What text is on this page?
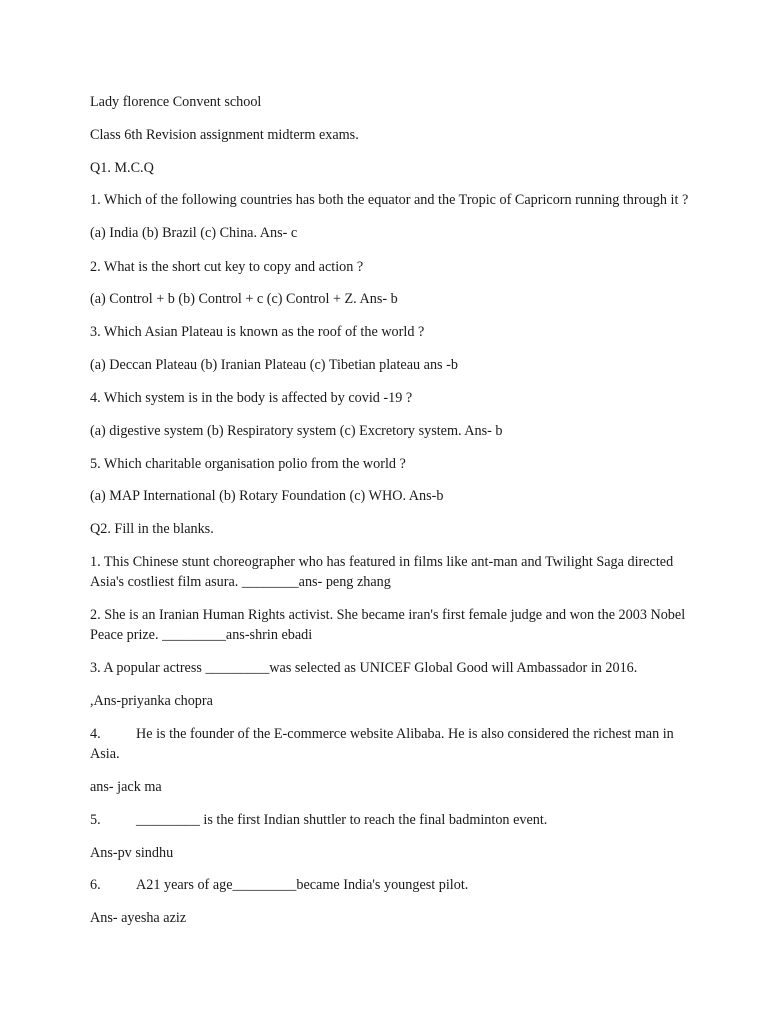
Lady florence Convent school
Class 6th Revision assignment midterm exams.
Q1. M.C.Q
1. Which of the following countries has both the equator and the Tropic of Capricorn running through it ?
(a) India (b) Brazil (c) China. Ans- c
2. What is the short cut key to copy and action ?
(a) Control + b (b) Control + c (c) Control + Z. Ans- b
3. Which Asian Plateau is known as the roof of the world ?
(a) Deccan Plateau (b) Iranian Plateau (c) Tibetian plateau ans -b
4. Which system is in the body is affected by covid -19 ?
(a) digestive system (b) Respiratory system (c) Excretory system. Ans- b
5. Which charitable organisation polio from the world ?
(a) MAP International (b) Rotary Foundation (c) WHO. Ans-b
Q2. Fill in the blanks.
1. This Chinese stunt choreographer who has featured in films like ant-man and Twilight Saga directed Asia's costliest film asura. ________ans- peng zhang
2. She is an Iranian Human Rights activist. She became iran's first female judge and won the 2003 Nobel Peace prize. _________ans-shrin ebadi
3. A popular actress _________was selected as UNICEF Global Good will Ambassador in 2016.
,Ans-priyanka chopra
4. He is the founder of the E-commerce website Alibaba. He is also considered the richest man in Asia.
ans- jack ma
5. _________ is the first Indian shuttler to reach the final badminton event.
Ans-pv sindhu
6. A21 years of age_________became India's youngest pilot.
Ans- ayesha aziz
